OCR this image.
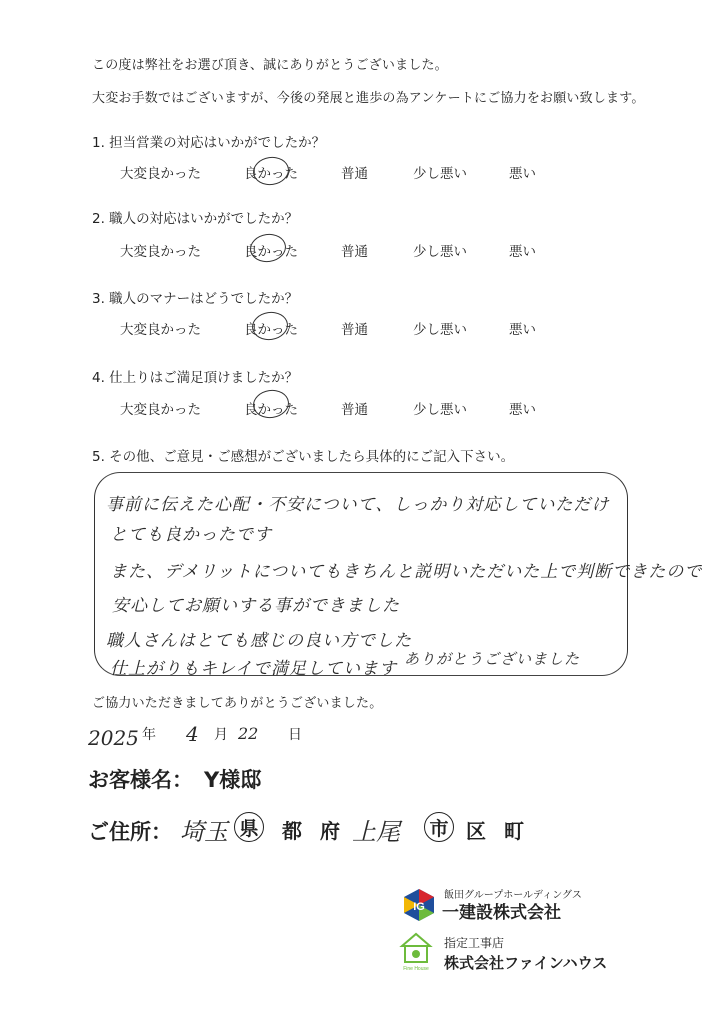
この度は弊社をお選び頂き、誠にありがとうございました。
大変お手数ではございますが、今後の発展と進歩の為アンケートにご協力をお願い致します。
1. 担当営業の対応はいかがでしたか？
大変良かった	良かった	普通	少し悪い	悪い
2. 職人の対応はいかがでしたか？
大変良かった	良かった	普通	少し悪い	悪い
3. 職人のマナーはどうでしたか？
大変良かった	良かった	普通	少し悪い	悪い
4. 仕上りはご満足頂けましたか？
大変良かった	良かった	普通	少し悪い	悪い
5. その他、ご意見・ご感想がございましたら具体的にご記入下さい。
事前に伝えた心配・不安について、しっかり対応していただけ
とても良かったです
また、デメリットについてもきちんと説明いただいた上で判断できたので
安心してお願いする事ができました
職人さんはとても感じの良い方でした
仕上がりもキレイで満足しています ありがとうございました
ご協力いただきましてありがとうございました。
2025 年 4 月 22 日
お客様名： Y様邸
ご住所： 埼玉 県 都 府 上尾 市 区 町
IG
飯田グループホールディングス
一建設株式会社
Fine House
指定工事店
株式会社ファインハウス
